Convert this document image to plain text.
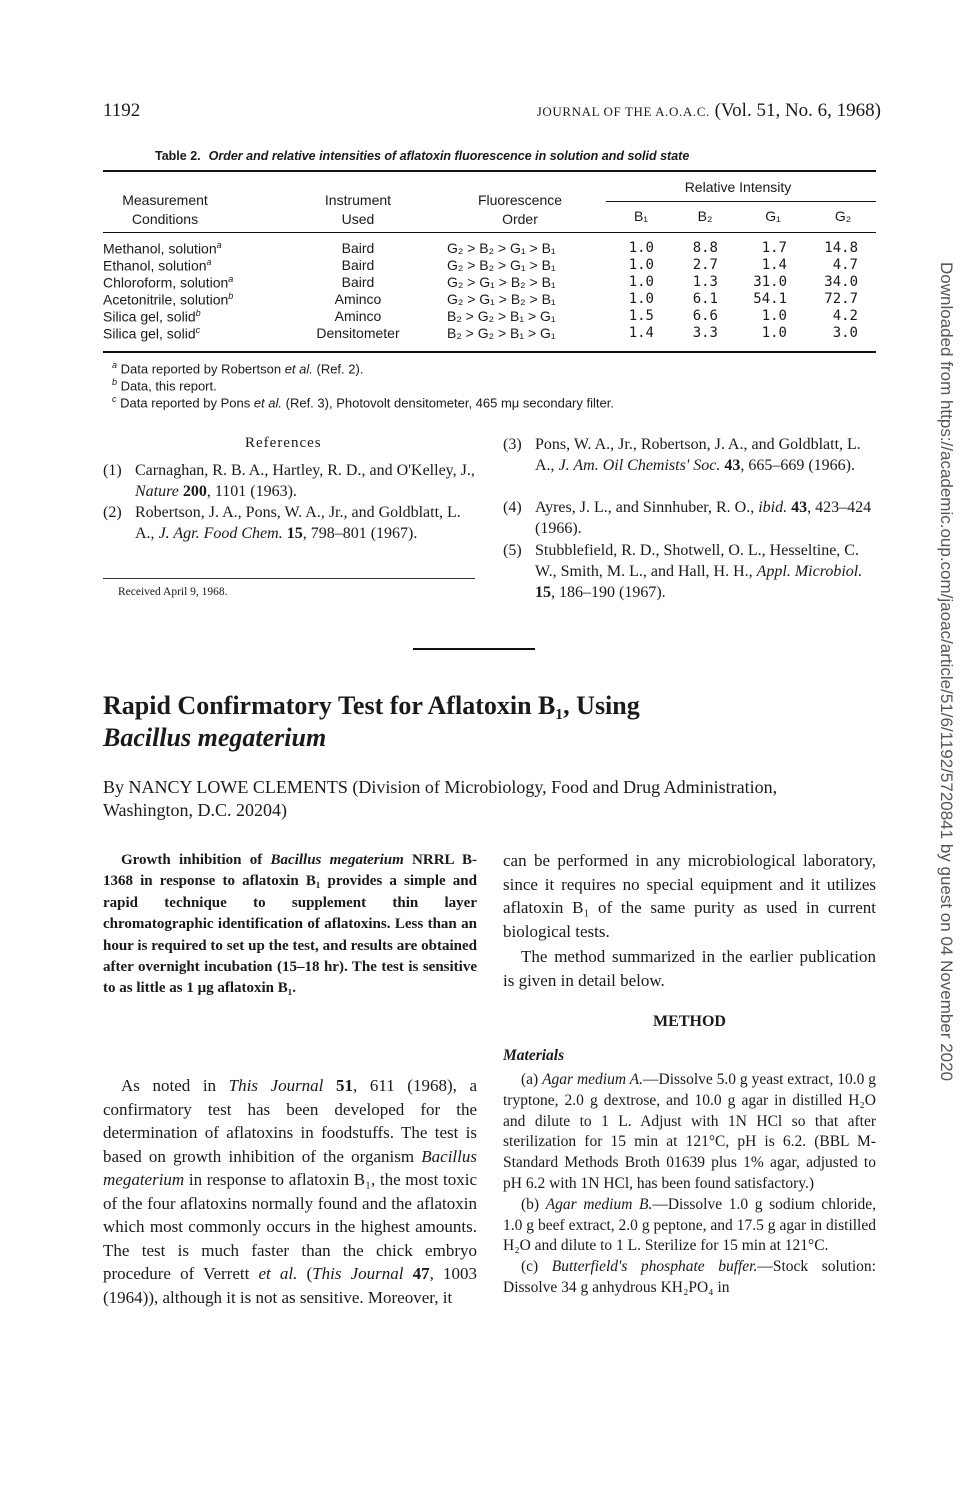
1192	JOURNAL OF THE A.O.A.C. (Vol. 51, No. 6, 1968)
Table 2. Order and relative intensities of aflatoxin fluorescence in solution and solid state
Measurement
Conditions
Instrument
Used
Fluorescence
Order
Relative Intensity
B₁	B₂	G₁	G₂
Methanol, solution$^a$	Baird	G₂ > B₂ > G₁ > B₁	1.0	8.8	1.7	14.8
Ethanol, solution$^a$	Baird	G₂ > B₂ > G₁ > B₁	1.0	2.7	1.4	4.7
Chloroform, solution$^a$	Baird	G₂ > G₁ > B₂ > B₁	1.0	1.3	31.0	34.0
Acetonitrile, solution$^b$	Aminco	G₂ > G₁ > B₂ > B₁	1.0	6.1	54.1	72.7
Silica gel, solid$^b$	Aminco	B₂ > G₂ > B₁ > G₁	1.5	6.6	1.0	4.2
Silica gel, solid$^c$	Densitometer	B₂ > G₂ > B₁ > G₁	1.4	3.3	1.0	3.0
$^a$ Data reported by Robertson et al. (Ref. 2).
$^b$ Data, this report.
$^c$ Data reported by Pons et al. (Ref. 3), Photovolt densitometer, 465 mμ secondary filter.
References
(1) Carnaghan, R. B. A., Hartley, R. D., and O'Kelley, J., Nature 200, 1101 (1963).
(2) Robertson, J. A., Pons, W. A., Jr., and Goldblatt, L. A., J. Agr. Food Chem. 15, 798–801 (1967).
(3) Pons, W. A., Jr., Robertson, J. A., and Goldblatt, L. A., J. Am. Oil Chemists' Soc. 43, 665–669 (1966).
(4) Ayres, J. L., and Sinnhuber, R. O., ibid. 43, 423–424 (1966).
(5) Stubblefield, R. D., Shotwell, O. L., Hesseltine, C. W., Smith, M. L., and Hall, H. H., Appl. Microbiol. 15, 186–190 (1967).
Received April 9, 1968.
Rapid Confirmatory Test for Aflatoxin B₁, Using
Bacillus megaterium
By NANCY LOWE CLEMENTS (Division of Microbiology, Food and Drug Administration, Washington, D.C. 20204)
Growth inhibition of Bacillus megaterium NRRL B-1368 in response to aflatoxin B₁ provides a simple and rapid technique to supplement thin layer chromatographic identification of aflatoxins. Less than an hour is required to set up the test, and results are obtained after overnight incubation (15–18 hr). The test is sensitive to as little as 1 μg aflatoxin B₁.

As noted in This Journal 51, 611 (1968), a confirmatory test has been developed for the determination of aflatoxins in foodstuffs. The test is based on growth inhibition of the organism Bacillus megaterium in response to aflatoxin B₁, the most toxic of the four aflatoxins normally found and the aflatoxin which most commonly occurs in the highest amounts. The test is much faster than the chick embryo procedure of Verrett et al. (This Journal 47, 1003 (1964)), although it is not as sensitive. Moreover, it

can be performed in any microbiological laboratory, since it requires no special equipment and it utilizes aflatoxin B₁ of the same purity as used in current biological tests.

The method summarized in the earlier publication is given in detail below.

METHOD

Materials

(a) Agar medium A.—Dissolve 5.0 g yeast extract, 10.0 g tryptone, 2.0 g dextrose, and 10.0 g agar in distilled H₂O and dilute to 1 L. Adjust with 1N HCl so that after sterilization for 15 min at 121°C, pH is 6.2. (BBL M-Standard Methods Broth 01639 plus 1% agar, adjusted to pH 6.2 with 1N HCl, has been found satisfactory.)

(b) Agar medium B.—Dissolve 1.0 g sodium chloride, 1.0 g beef extract, 2.0 g peptone, and 17.5 g agar in distilled H₂O and dilute to 1 L. Sterilize for 15 min at 121°C.

(c) Butterfield's phosphate buffer.—Stock solution: Dissolve 34 g anhydrous KH₂PO₄ in

Downloaded from https://academic.oup.com/jaoac/article/51/6/1192/5720841 by guest on 04 November 2020
